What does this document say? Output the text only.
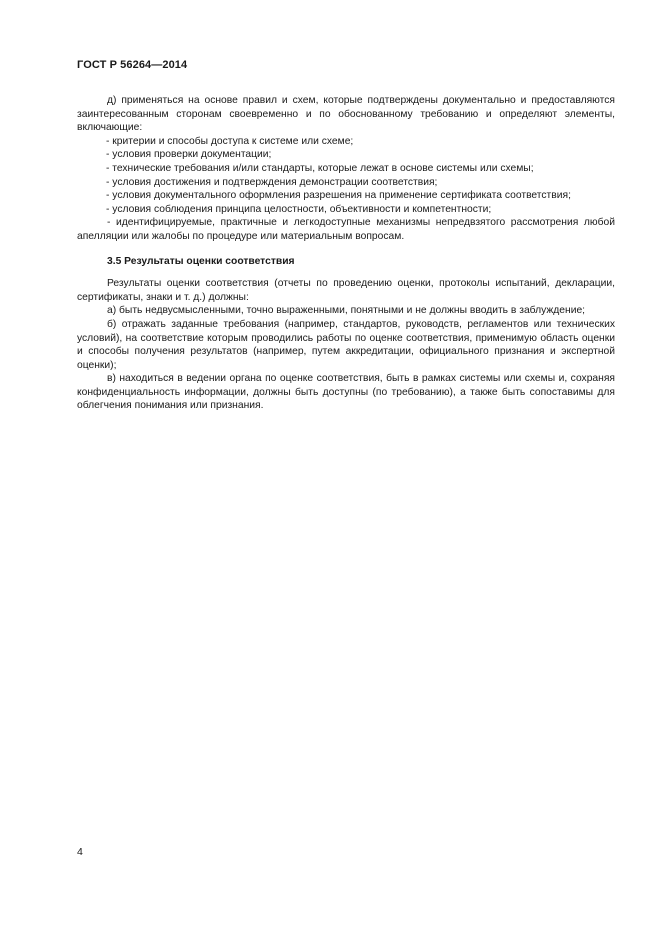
ГОСТ Р 56264—2014

д) применяться на основе правил и схем, которые подтверждены документально и предоставляются заинтересованным сторонам своевременно и по обоснованному требованию и определяют элементы, включающие:

- критерии и способы доступа к системе или схеме;

- условия проверки документации;

- технические требования и/или стандарты, которые лежат в основе системы или схемы;

- условия достижения и подтверждения демонстрации соответствия;

- условия документального оформления разрешения на применение сертификата соответствия;

- условия соблюдения принципа целостности, объективности и компетентности;

- идентифицируемые, практичные и легкодоступные механизмы непредвзятого рассмотрения любой апелляции или жалобы по процедуре или материальным вопросам.

3.5 Результаты оценки соответствия

Результаты оценки соответствия (отчеты по проведению оценки, протоколы испытаний, декларации, сертификаты, знаки и т. д.) должны:

а) быть недвусмысленными, точно выраженными, понятными и не должны вводить в заблуждение;

б) отражать заданные требования (например, стандартов, руководств, регламентов или технических условий), на соответствие которым проводились работы по оценке соответствия, применимую область оценки и способы получения результатов (например, путем аккредитации, официального признания и экспертной оценки);

в) находиться в ведении органа по оценке соответствия, быть в рамках системы или схемы и, сохраняя конфиденциальность информации, должны быть доступны (по требованию), а также быть сопоставимы для облегчения понимания или признания.

4
